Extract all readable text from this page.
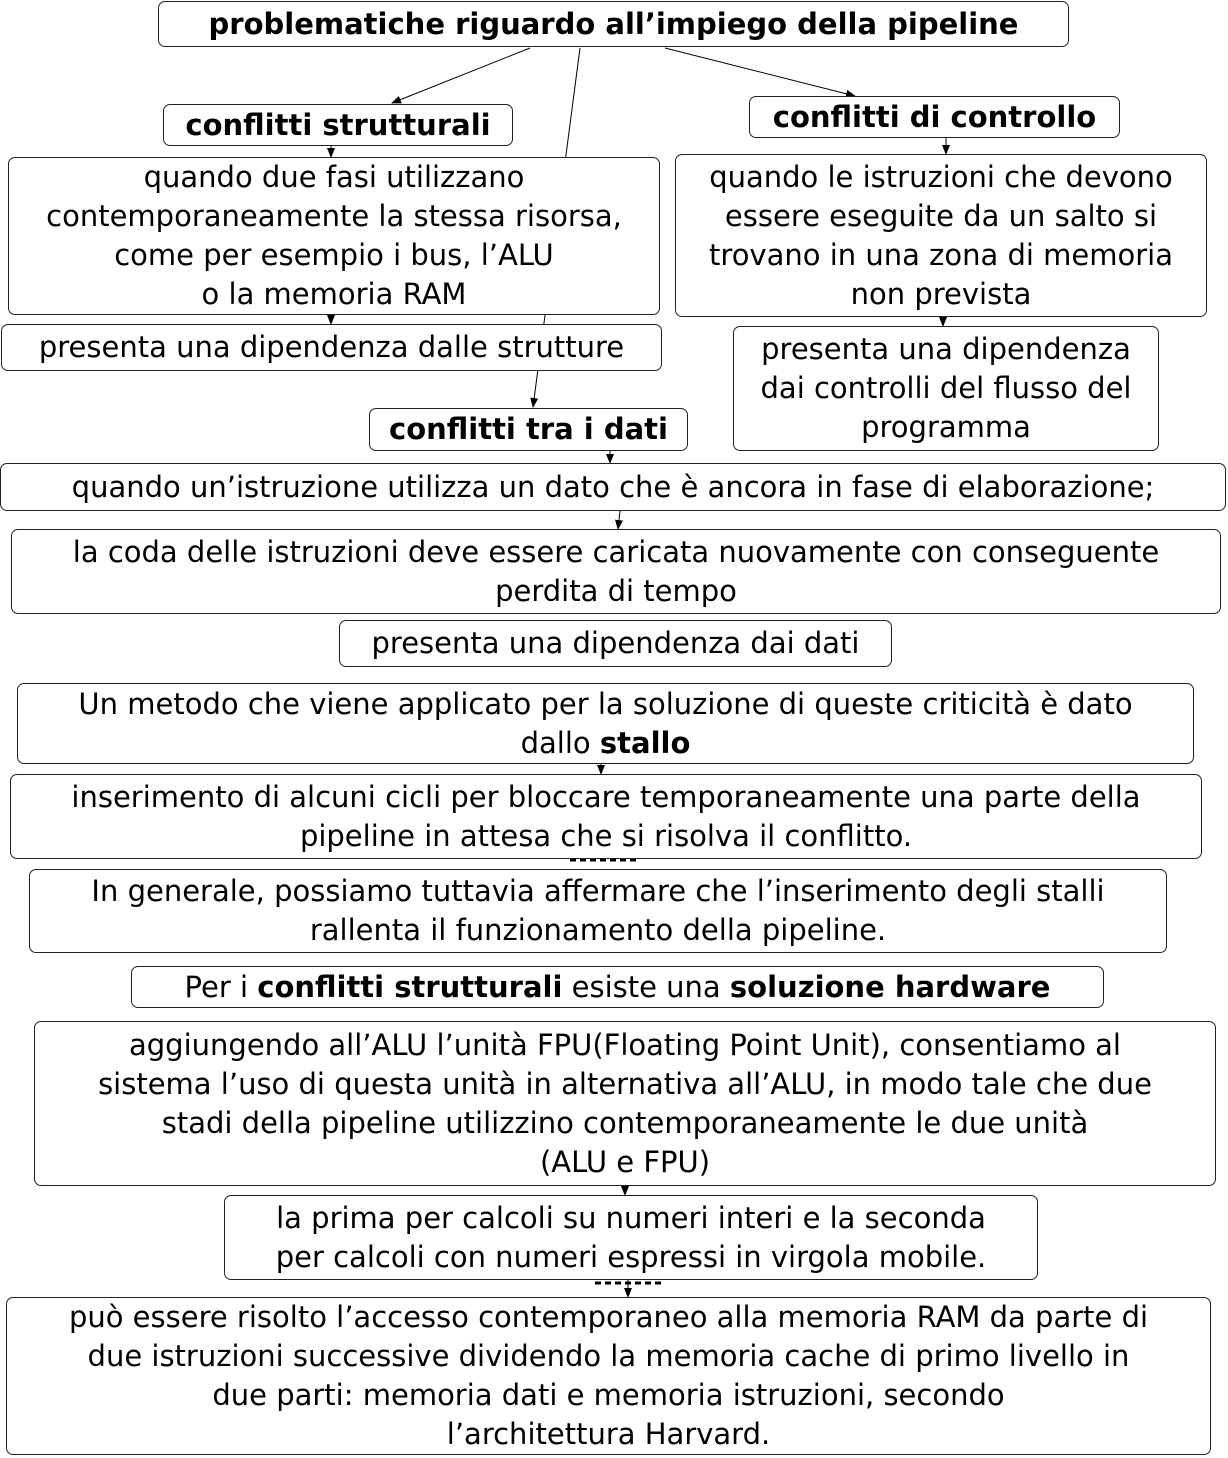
problematiche riguardo all’impiego della pipeline
conflitti strutturali
quando due fasi utilizzano
contemporaneamente la stessa risorsa,
come per esempio i bus, l’ALU
o la memoria RAM
presenta una dipendenza dalle strutture
conflitti di controllo
quando le istruzioni che devono
essere eseguite da un salto si
trovano in una zona di memoria
non prevista
presenta una dipendenza
dai controlli del flusso del
programma
conflitti tra i dati
quando un’istruzione utilizza un dato che è ancora in fase di elaborazione;
la coda delle istruzioni deve essere caricata nuovamente con conseguente
perdita di tempo
presenta una dipendenza dai dati
Un metodo che viene applicato per la soluzione di queste criticità è dato
dallo stallo
inserimento di alcuni cicli per bloccare temporaneamente una parte della
pipeline in attesa che si risolva il conflitto.
In generale, possiamo tuttavia affermare che l’inserimento degli stalli
rallenta il funzionamento della pipeline.
Per i conflitti strutturali esiste una soluzione hardware
aggiungendo all’ALU l’unità FPU(Floating Point Unit), consentiamo al
sistema l’uso di questa unità in alternativa all’ALU, in modo tale che due
stadi della pipeline utilizzino contemporaneamente le due unità
(ALU e FPU)
la prima per calcoli su numeri interi e la seconda
per calcoli con numeri espressi in virgola mobile.
può essere risolto l’accesso contemporaneo alla memoria RAM da parte di
due istruzioni successive dividendo la memoria cache di primo livello in
due parti: memoria dati e memoria istruzioni, secondo
l’architettura Harvard.
